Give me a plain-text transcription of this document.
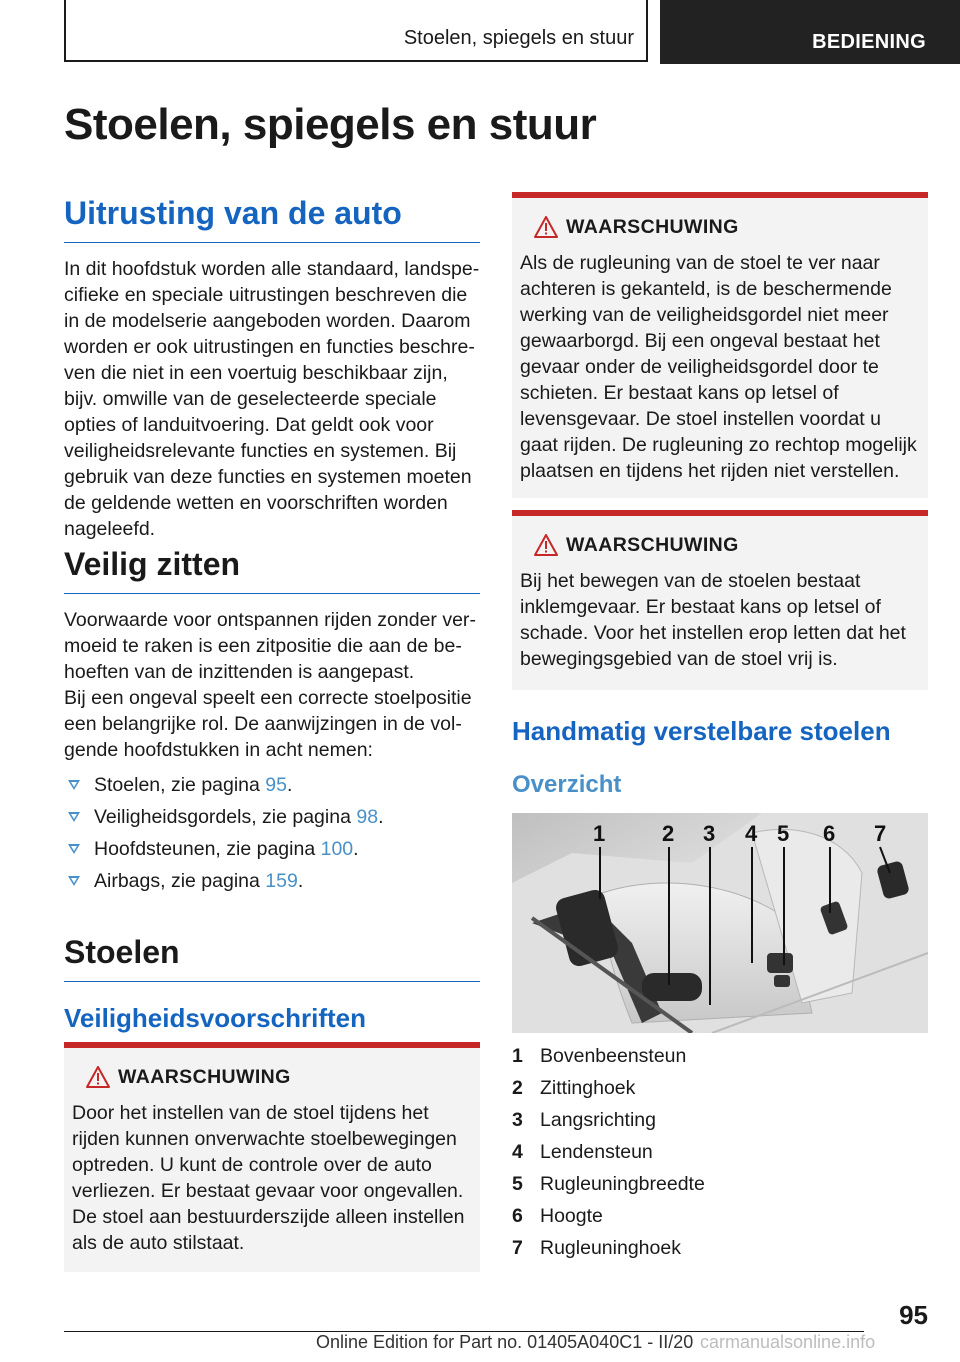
Stoelen, spiegels en stuur	BEDIENING
Stoelen, spiegels en stuur
Uitrusting van de auto

In dit hoofdstuk worden alle standaard, landspecifieke en speciale uitrustingen beschreven die in de modelserie aangeboden worden. Daarom worden er ook uitrustingen en functies beschreven die niet in een voertuig beschikbaar zijn, bijv. omwille van de geselecteerde speciale opties of landuitvoering. Dat geldt ook voor veiligheidsrelevante functies en systemen. Bij gebruik van deze functies en systemen moeten de geldende wetten en voorschriften worden nageleefd.

Veilig zitten

Voorwaarde voor ontspannen rijden zonder vermoeid te raken is een zitpositie die aan de behoeften van de inzittenden is aangepast.

Bij een ongeval speelt een correcte stoelpositie een belangrijke rol. De aanwijzingen in de volgende hoofdstukken in acht nemen:

Stoelen, zie pagina 95.
Veiligheidsgordels, zie pagina 98.
Hoofdsteunen, zie pagina 100.
Airbags, zie pagina 159.
Stoelen
Veiligheidsvoorschriften
WAARSCHUWING

Door het instellen van de stoel tijdens het rijden kunnen onverwachte stoelbewegingen optreden. U kunt de controle over de auto verliezen. Er bestaat gevaar voor ongevallen. De stoel aan bestuurderszijde alleen instellen als de auto stilstaat.

WAARSCHUWING

Als de rugleuning van de stoel te ver naar achteren is gekanteld, is de beschermende werking van de veiligheidsgordel niet meer gewaarborgd. Bij een ongeval bestaat het gevaar onder de veiligheidsgordel door te schieten. Er bestaat kans op letsel of levensgevaar. De stoel instellen voordat u gaat rijden. De rugleuning zo rechtop mogelijk plaatsen en tijdens het rijden niet verstellen.

WAARSCHUWING

Bij het bewegen van de stoelen bestaat inklemgevaar. Er bestaat kans op letsel of schade. Voor het instellen erop letten dat het bewegingsgebied van de stoel vrij is.

Handmatig verstelbare stoelen
Overzicht
1	2 3 4 5 6 7
1 Bovenbeensteun
2 Zittinghoek
3 Langsrichting
4 Lendensteun
5 Rugleuningbreedte
6 Hoogte
7 Rugleuninghoek
95
Online Edition for Part no. 01405A040C1 - II/20 carmanualsonline.info
